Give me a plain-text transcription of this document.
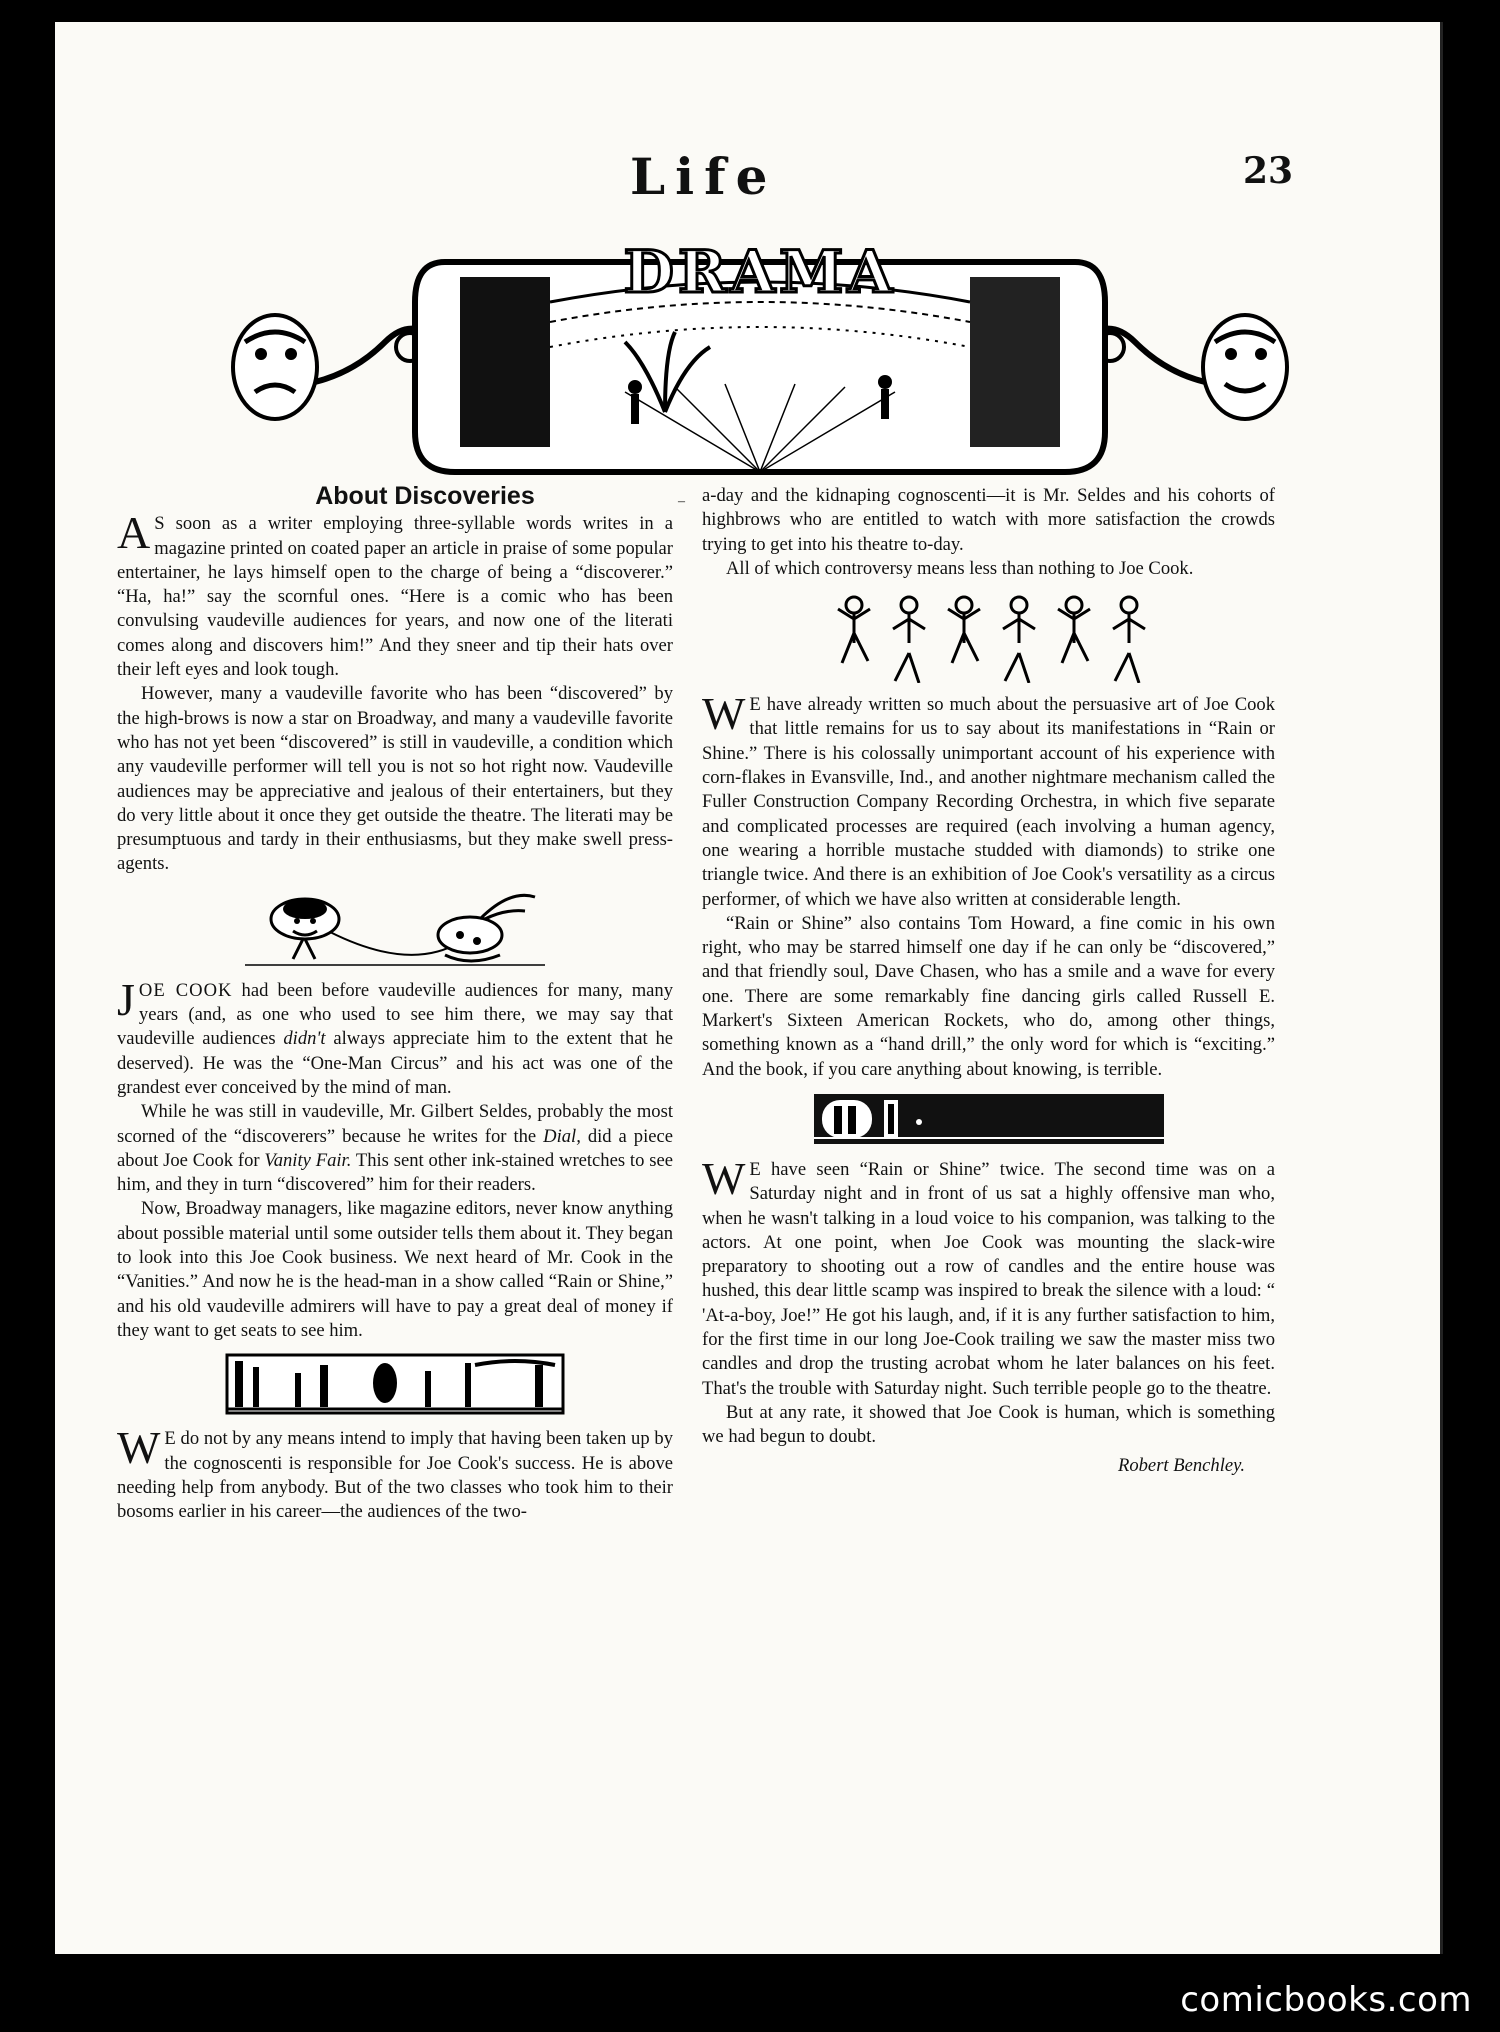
Life	23
DRAMA
–
About Discoveries

A S soon as a writer employing three-syllable words writes in a magazine printed on coated paper an article in praise of some popular entertainer, he lays himself open to the charge of being a “discoverer.” “Ha, ha!” say the scornful ones. “Here is a comic who has been convulsing vaudeville audiences for years, and now one of the literati comes along and discovers him!” And they sneer and tip their hats over their left eyes and look tough.

However, many a vaudeville favorite who has been “discovered” by the high-brows is now a star on Broadway, and many a vaudeville favorite who has not yet been “discovered” is still in vaudeville, a condition which any vaudeville performer will tell you is not so hot right now. Vaudeville audiences may be appreciative and jealous of their entertainers, but they do very little about it once they get outside the theatre. The literati may be presumptuous and tardy in their enthusiasms, but they make swell press-agents.

JOE COOK had been before vaudeville audiences for many, many years (and, as one who used to see him there, we may say that vaudeville audiences didn't always appreciate him to the extent that he deserved). He was the “One-Man Circus” and his act was one of the grandest ever conceived by the mind of man.

While he was still in vaudeville, Mr. Gilbert Seldes, probably the most scorned of the “discoverers” because he writes for the Dial, did a piece about Joe Cook for Vanity Fair. This sent other ink-stained wretches to see him, and they in turn “discovered” him for their readers.

Now, Broadway managers, like magazine editors, never know anything about possible material until some outsider tells them about it. They began to look into this Joe Cook business. We next heard of Mr. Cook in the “Vanities.” And now he is the head-man in a show called “Rain or Shine,” and his old vaudeville admirers will have to pay a great deal of money if they want to get seats to see him.

W E do not by any means intend to imply that having been taken up by the cognoscenti is responsible for Joe Cook's success. He is above needing help from anybody. But of the two classes who took him to their bosoms earlier in his career—the audiences of the two-

a-day and the kidnaping cognoscenti—it is Mr. Seldes and his cohorts of highbrows who are entitled to watch with more satisfaction the crowds trying to get into his theatre to-day.

All of which controversy means less than nothing to Joe Cook.

W E have already written so much about the persuasive art of Joe Cook that little remains for us to say about its manifestations in “Rain or Shine.” There is his colossally unimportant account of his experience with corn-flakes in Evansville, Ind., and another nightmare mechanism called the Fuller Construction Company Recording Orchestra, in which five separate and complicated processes are required (each involving a human agency, one wearing a horrible mustache studded with diamonds) to strike one triangle twice. And there is an exhibition of Joe Cook's versatility as a circus performer, of which we have also written at considerable length.

“Rain or Shine” also contains Tom Howard, a fine comic in his own right, who may be starred himself one day if he can only be “discovered,” and that friendly soul, Dave Chasen, who has a smile and a wave for every one. There are some remarkably fine dancing girls called Russell E. Markert's Sixteen American Rockets, who do, among other things, something known as a “hand drill,” the only word for which is “exciting.” And the book, if you care anything about knowing, is terrible.

W E have seen “Rain or Shine” twice. The second time was on a Saturday night and in front of us sat a highly offensive man who, when he wasn't talking in a loud voice to his companion, was talking to the actors. At one point, when Joe Cook was mounting the slack-wire preparatory to shooting out a row of candles and the entire house was hushed, this dear little scamp was inspired to break the silence with a loud: “ 'At-a-boy, Joe!” He got his laugh, and, if it is any further satisfaction to him, for the first time in our long Joe-Cook trailing we saw the master miss two candles and drop the trusting acrobat whom he later balances on his feet. That's the trouble with Saturday night. Such terrible people go to the theatre.

But at any rate, it showed that Joe Cook is human, which is something we had begun to doubt.

Robert Benchley.
comicbooks.com
